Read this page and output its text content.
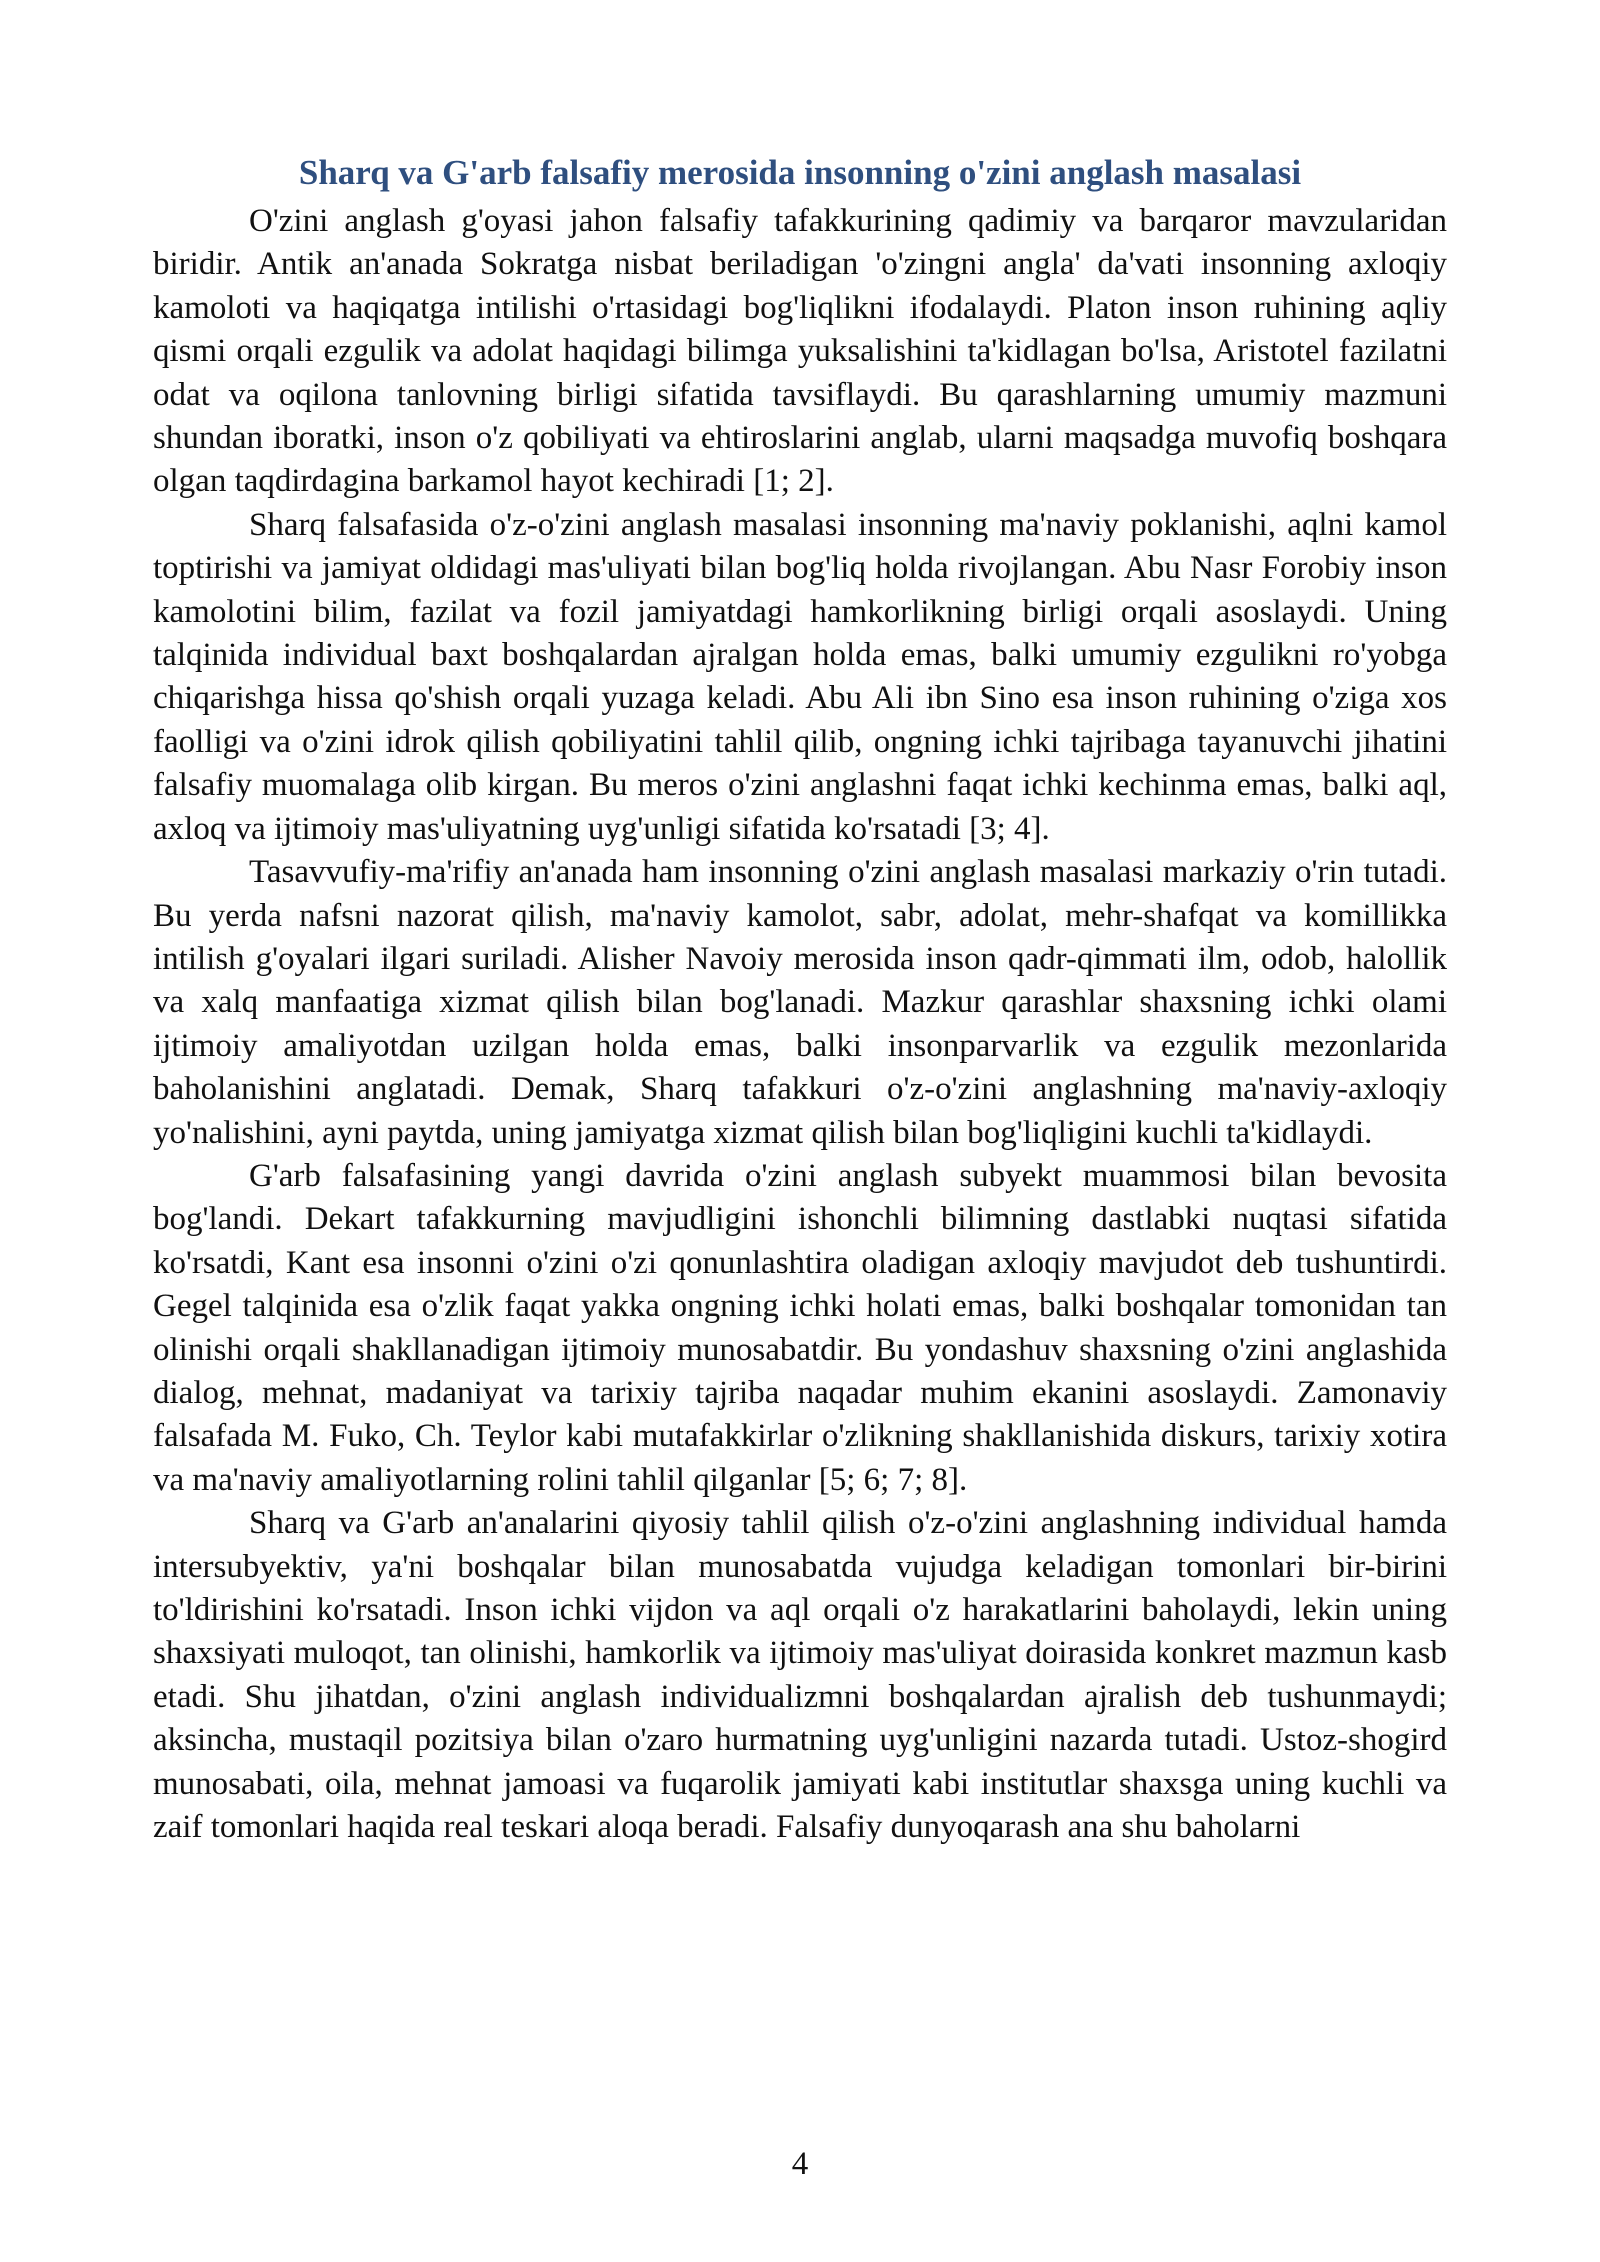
Sharq va G'arb falsafiy merosida insonning o'zini anglash masalasi

O'zini anglash g'oyasi jahon falsafiy tafakkurining qadimiy va barqaror mavzularidan biridir. Antik an'anada Sokratga nisbat beriladigan 'o'zingni angla' da'vati insonning axloqiy kamoloti va haqiqatga intilishi o'rtasidagi bog'liqlikni ifodalaydi. Platon inson ruhining aqliy qismi orqali ezgulik va adolat haqidagi bilimga yuksalishini ta'kidlagan bo'lsa, Aristotel fazilatni odat va oqilona tanlovning birligi sifatida tavsiflaydi. Bu qarashlarning umumiy mazmuni shundan iboratki, inson o'z qobiliyati va ehtiroslarini anglab, ularni maqsadga muvofiq boshqara olgan taqdirdagina barkamol hayot kechiradi [1; 2].

Sharq falsafasida o'z-o'zini anglash masalasi insonning ma'naviy poklanishi, aqlni kamol toptirishi va jamiyat oldidagi mas'uliyati bilan bog'liq holda rivojlangan. Abu Nasr Forobiy inson kamolotini bilim, fazilat va fozil jamiyatdagi hamkorlikning birligi orqali asoslaydi. Uning talqinida individual baxt boshqalardan ajralgan holda emas, balki umumiy ezgulikni ro'yobga chiqarishga hissa qo'shish orqali yuzaga keladi. Abu Ali ibn Sino esa inson ruhining o'ziga xos faolligi va o'zini idrok qilish qobiliyatini tahlil qilib, ongning ichki tajribaga tayanuvchi jihatini falsafiy muomalaga olib kirgan. Bu meros o'zini anglashni faqat ichki kechinma emas, balki aql, axloq va ijtimoiy mas'uliyatning uyg'unligi sifatida ko'rsatadi [3; 4].

Tasavvufiy-ma'rifiy an'anada ham insonning o'zini anglash masalasi markaziy o'rin tutadi. Bu yerda nafsni nazorat qilish, ma'naviy kamolot, sabr, adolat, mehr-shafqat va komillikka intilish g'oyalari ilgari suriladi. Alisher Navoiy merosida inson qadr-qimmati ilm, odob, halollik va xalq manfaatiga xizmat qilish bilan bog'lanadi. Mazkur qarashlar shaxsning ichki olami ijtimoiy amaliyotdan uzilgan holda emas, balki insonparvarlik va ezgulik mezonlarida baholanishini anglatadi. Demak, Sharq tafakkuri o'z-o'zini anglashning ma'naviy-axloqiy yo'nalishini, ayni paytda, uning jamiyatga xizmat qilish bilan bog'liqligini kuchli ta'kidlaydi.

G'arb falsafasining yangi davrida o'zini anglash subyekt muammosi bilan bevosita bog'landi. Dekart tafakkurning mavjudligini ishonchli bilimning dastlabki nuqtasi sifatida ko'rsatdi, Kant esa insonni o'zini o'zi qonunlashtira oladigan axloqiy mavjudot deb tushuntirdi. Gegel talqinida esa o'zlik faqat yakka ongning ichki holati emas, balki boshqalar tomonidan tan olinishi orqali shakllanadigan ijtimoiy munosabatdir. Bu yondashuv shaxsning o'zini anglashida dialog, mehnat, madaniyat va tarixiy tajriba naqadar muhim ekanini asoslaydi. Zamonaviy falsafada M. Fuko, Ch. Teylor kabi mutafakkirlar o'zlikning shakllanishida diskurs, tarixiy xotira va ma'naviy amaliyotlarning rolini tahlil qilganlar [5; 6; 7; 8].

Sharq va G'arb an'analarini qiyosiy tahlil qilish o'z-o'zini anglashning individual hamda intersubyektiv, ya'ni boshqalar bilan munosabatda vujudga keladigan tomonlari bir-birini to'ldirishini ko'rsatadi. Inson ichki vijdon va aql orqali o'z harakatlarini baholaydi, lekin uning shaxsiyati muloqot, tan olinishi, hamkorlik va ijtimoiy mas'uliyat doirasida konkret mazmun kasb etadi. Shu jihatdan, o'zini anglash individualizmni boshqalardan ajralish deb tushunmaydi; aksincha, mustaqil pozitsiya bilan o'zaro hurmatning uyg'unligini nazarda tutadi. Ustoz-shogird munosabati, oila, mehnat jamoasi va fuqarolik jamiyati kabi institutlar shaxsga uning kuchli va zaif tomonlari haqida real teskari aloqa beradi. Falsafiy dunyoqarash ana shu baholarni

4
